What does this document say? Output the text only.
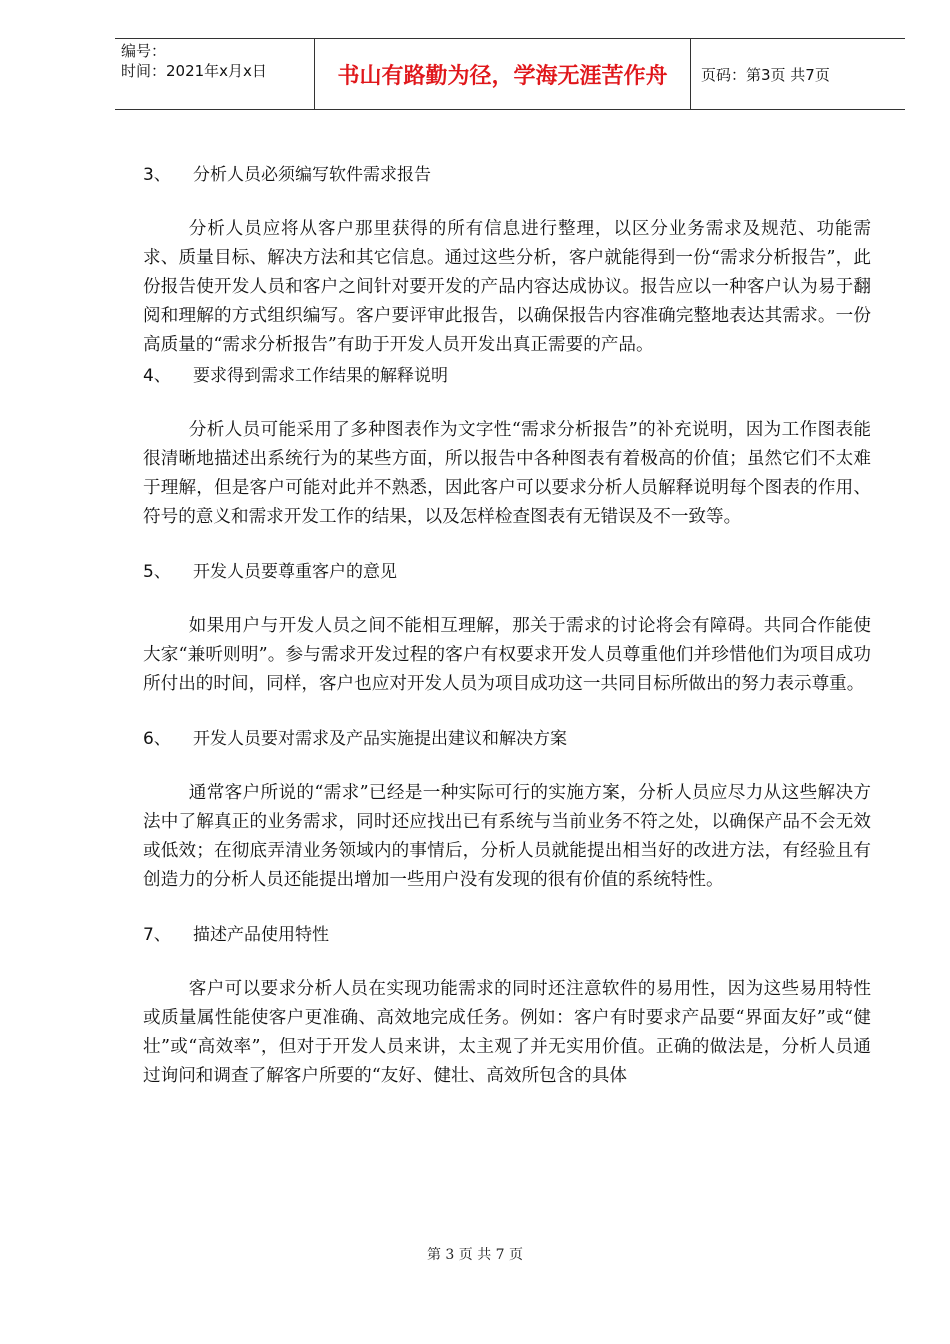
编号：
时间：2021年x月x日	书山有路勤为径，学海无涯苦作舟	页码：第3页 共7页

3、 分析人员必须编写软件需求报告

分析人员应将从客户那里获得的所有信息进行整理，以区分业务需求及规范、功能需求、质量目标、解决方法和其它信息。通过这些分析，客户就能得到一份“需求分析报告”，此份报告使开发人员和客户之间针对要开发的产品内容达成协议。报告应以一种客户认为易于翻阅和理解的方式组织编写。客户要评审此报告，以确保报告内容准确完整地表达其需求。一份高质量的“需求分析报告”有助于开发人员开发出真正需要的产品。

4、 要求得到需求工作结果的解释说明

分析人员可能采用了多种图表作为文字性“需求分析报告”的补充说明，因为工作图表能很清晰地描述出系统行为的某些方面，所以报告中各种图表有着极高的价值；虽然它们不太难于理解，但是客户可能对此并不熟悉，因此客户可以要求分析人员解释说明每个图表的作用、符号的意义和需求开发工作的结果，以及怎样检查图表有无错误及不一致等。

5、 开发人员要尊重客户的意见

如果用户与开发人员之间不能相互理解，那关于需求的讨论将会有障碍。共同合作能使大家“兼听则明”。参与需求开发过程的客户有权要求开发人员尊重他们并珍惜他们为项目成功所付出的时间，同样，客户也应对开发人员为项目成功这一共同目标所做出的努力表示尊重。

6、 开发人员要对需求及产品实施提出建议和解决方案

通常客户所说的“需求”已经是一种实际可行的实施方案，分析人员应尽力从这些解决方法中了解真正的业务需求，同时还应找出已有系统与当前业务不符之处，以确保产品不会无效或低效；在彻底弄清业务领域内的事情后，分析人员就能提出相当好的改进方法，有经验且有创造力的分析人员还能提出增加一些用户没有发现的很有价值的系统特性。

7、 描述产品使用特性

客户可以要求分析人员在实现功能需求的同时还注意软件的易用性，因为这些易用特性或质量属性能使客户更准确、高效地完成任务。例如：客户有时要求产品要“界面友好”或“健壮”或“高效率”，但对于开发人员来讲，太主观了并无实用价值。正确的做法是，分析人员通过询问和调查了解客户所要的“友好、健壮、高效所包含的具体

第 3 页 共 7 页
